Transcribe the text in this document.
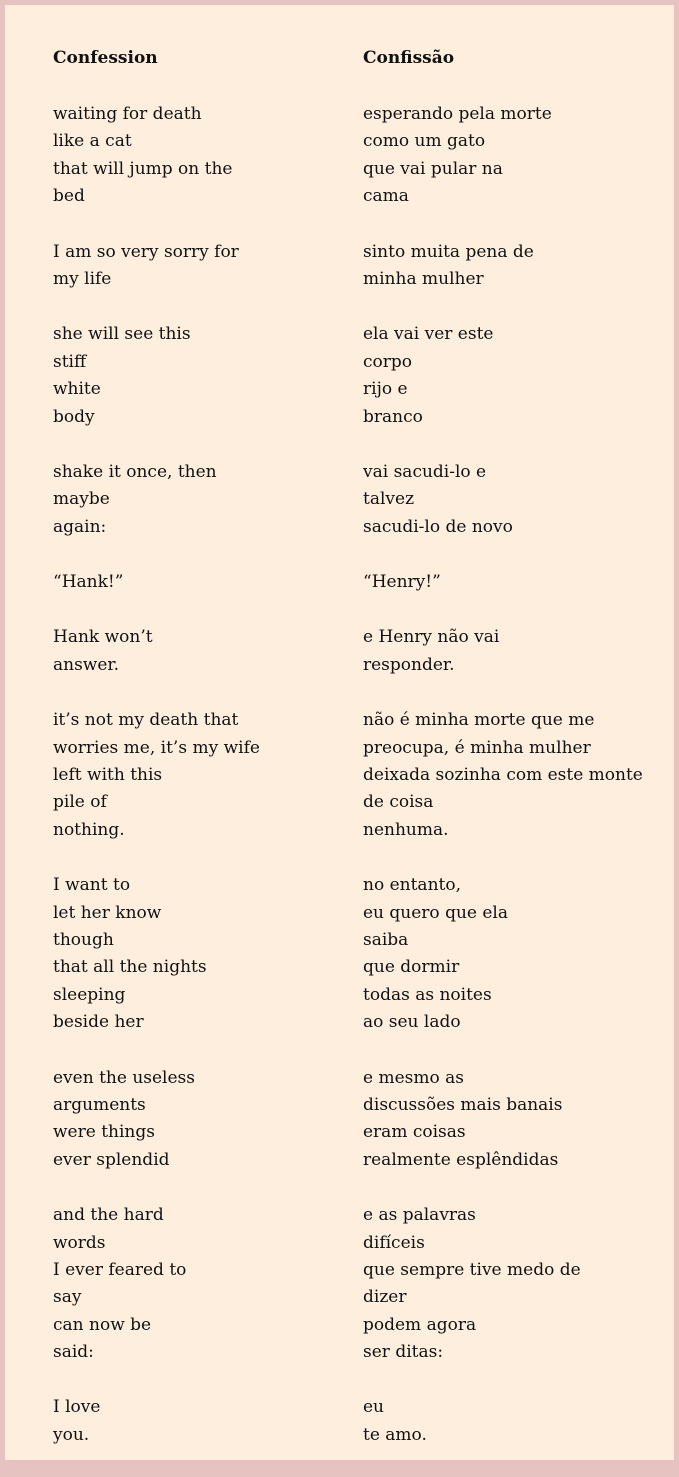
Confession
waiting for death
like a cat
that will jump on the
bed
I am so very sorry for
my life
she will see this
stiff
white
body
shake it once, then
maybe
again:
“Hank!”
Hank won’t
answer.
it’s not my death that
worries me, it’s my wife
left with this
pile of
nothing.
I want to
let her know
though
that all the nights
sleeping
beside her
even the useless
arguments
were things
ever splendid
and the hard
words
I ever feared to
say
can now be
said:
I love
you.
Confissão
esperando pela morte
como um gato
que vai pular na
cama
sinto muita pena de
minha mulher
ela vai ver este
corpo
rijo e
branco
vai sacudi-lo e
talvez
sacudi-lo de novo
“Henry!”
e Henry não vai
responder.
não é minha morte que me
preocupa, é minha mulher
deixada sozinha com este monte
de coisa
nenhuma.
no entanto,
eu quero que ela
saiba
que dormir
todas as noites
ao seu lado
e mesmo as
discussões mais banais
eram coisas
realmente esplêndidas
e as palavras
difíceis
que sempre tive medo de
dizer
podem agora
ser ditas:
eu
te amo.
